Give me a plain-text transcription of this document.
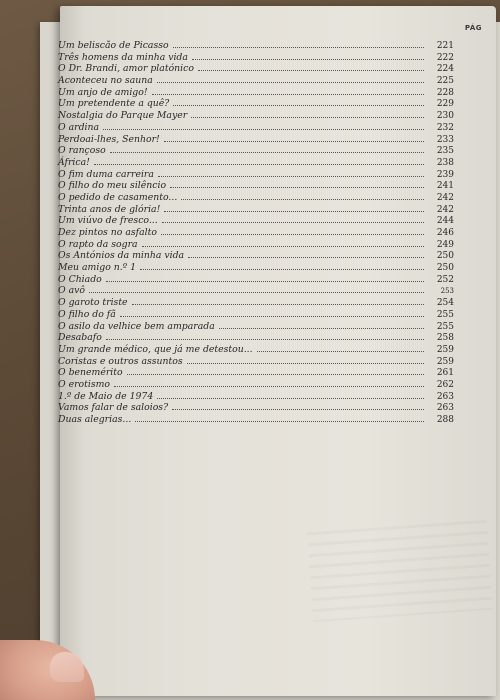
PÁG
Um beliscão de Picasso	221
Três homens da minha vida	222
O Dr. Brandi, amor platónico	224
Aconteceu no sauna	225
Um anjo de amigo!	228
Um pretendente a quê?	229
Nostalgia do Parque Mayer	230
O ardina	232
Perdoai-lhes, Senhor!	233
O rançoso	235
África!	238
O fim duma carreira	239
O filho do meu silêncio	241
O pedido de casamento...	242
Trinta anos de glória!	242
Um viúvo de fresco...	244
Dez pintos no asfalto	246
O rapto da sogra	249
Os Antónios da minha vida	250
Meu amigo n.º 1	250
O Chiado	252
O avô	253
O garoto triste	254
O filho do fã	255
O asilo da velhice bem amparada	255
Desabafo	258
Um grande médico, que já me detestou...	259
Coristas e outros assuntos	259
O benemérito	261
O erotismo	262
1.º de Maio de 1974	263
Vamos falar de saloios?	263
Duas alegrias...	288
